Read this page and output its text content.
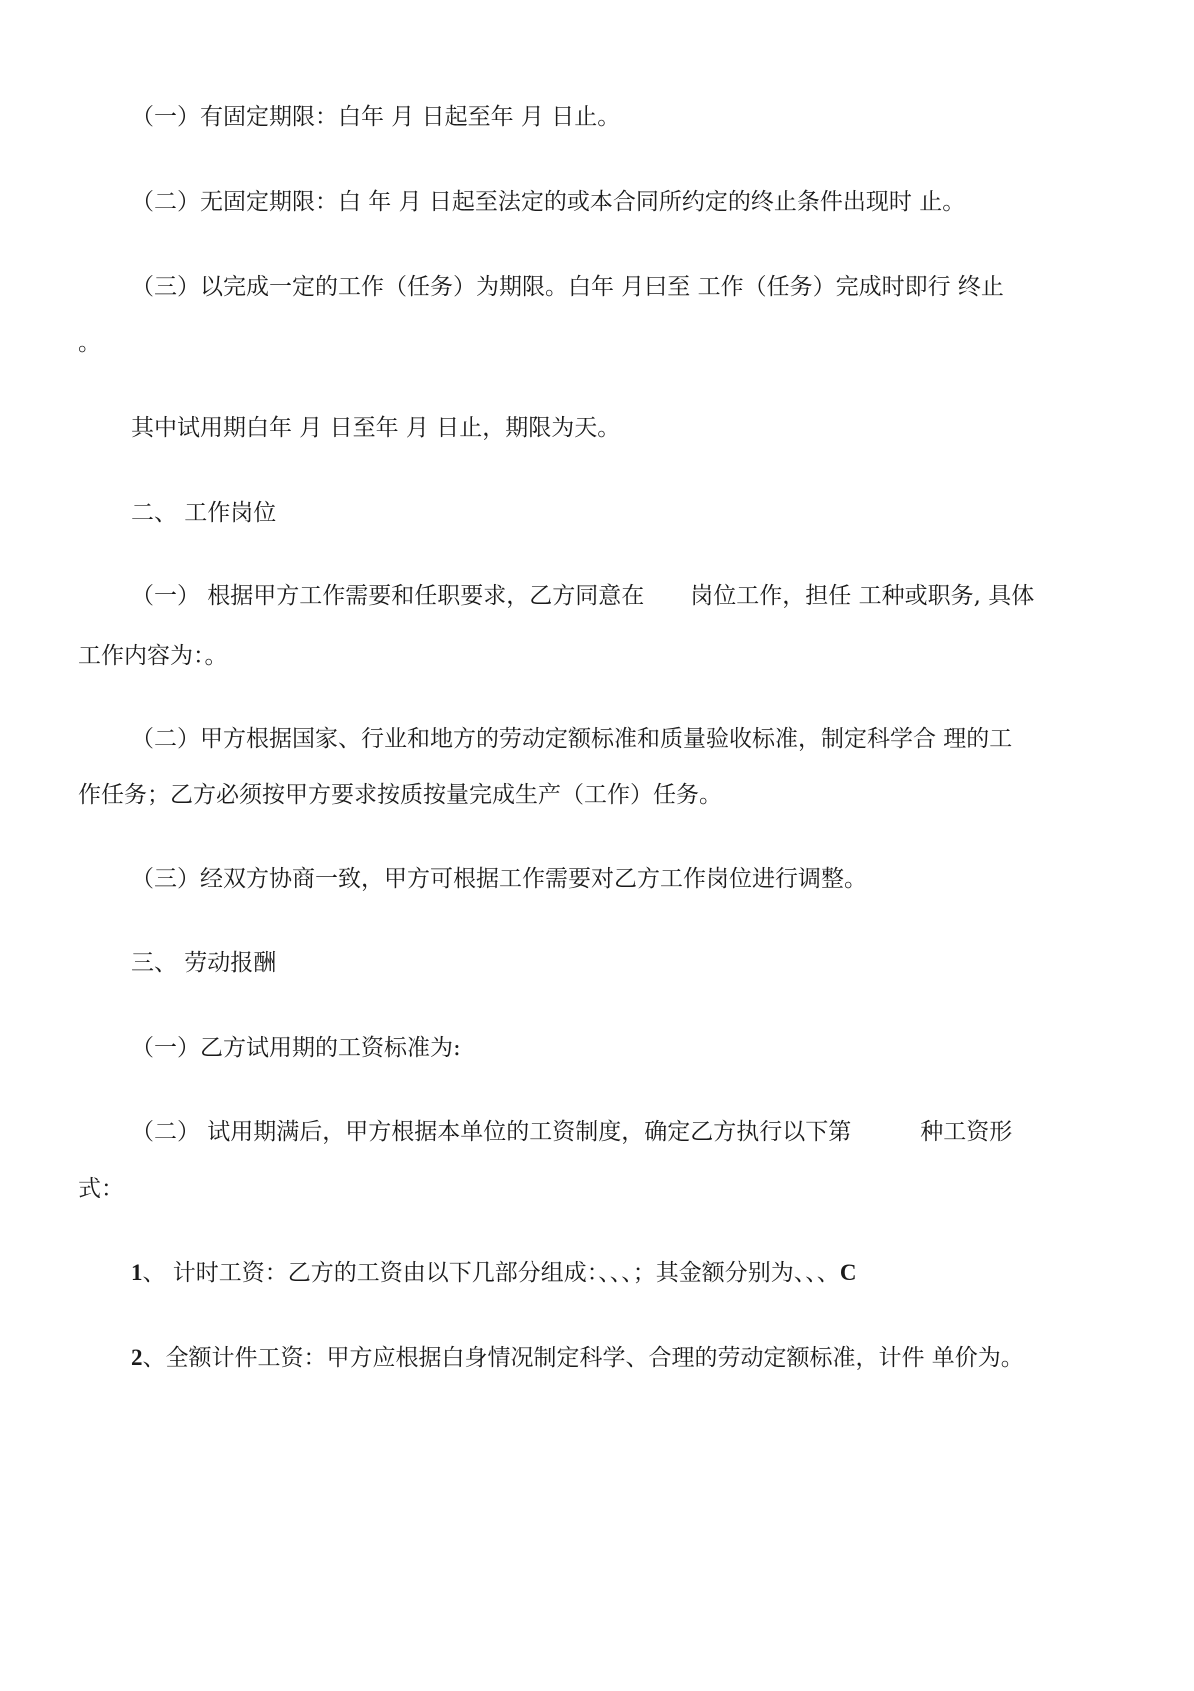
（一）有固定期限：白年 月 日起至年 月 日止。

（二）无固定期限：白 年 月 日起至法定的或本合同所约定的终止条件出现时 止。

（三）以完成一定的工作（任务）为期限。白年 月曰至 工作（任务）完成时即行 终止

。

其中试用期白年 月 日至年 月 日止，期限为天。

二、 工作岗位

（一） 根据甲方工作需要和任职要求，乙方同意在　　岗位工作，担任 工种或职务, 具体

工作内容为：。

（二）甲方根据国家、行业和地方的劳动定额标准和质量验收标准，制定科学合 理的工

作任务；乙方必须按甲方要求按质按量完成生产（工作）任务。

（三）经双方协商一致，甲方可根据工作需要对乙方工作岗位进行调整。

三、 劳动报酬

（一）乙方试用期的工资标准为:

（二） 试用期满后，甲方根据本单位的工资制度，确定乙方执行以下第　　　种工资形

式：

1、 计时工资：乙方的工资由以下几部分组成：、、、；其金额分别为、、、C

2、全额计件工资：甲方应根据白身情况制定科学、合理的劳动定额标准，计件 单价为。
